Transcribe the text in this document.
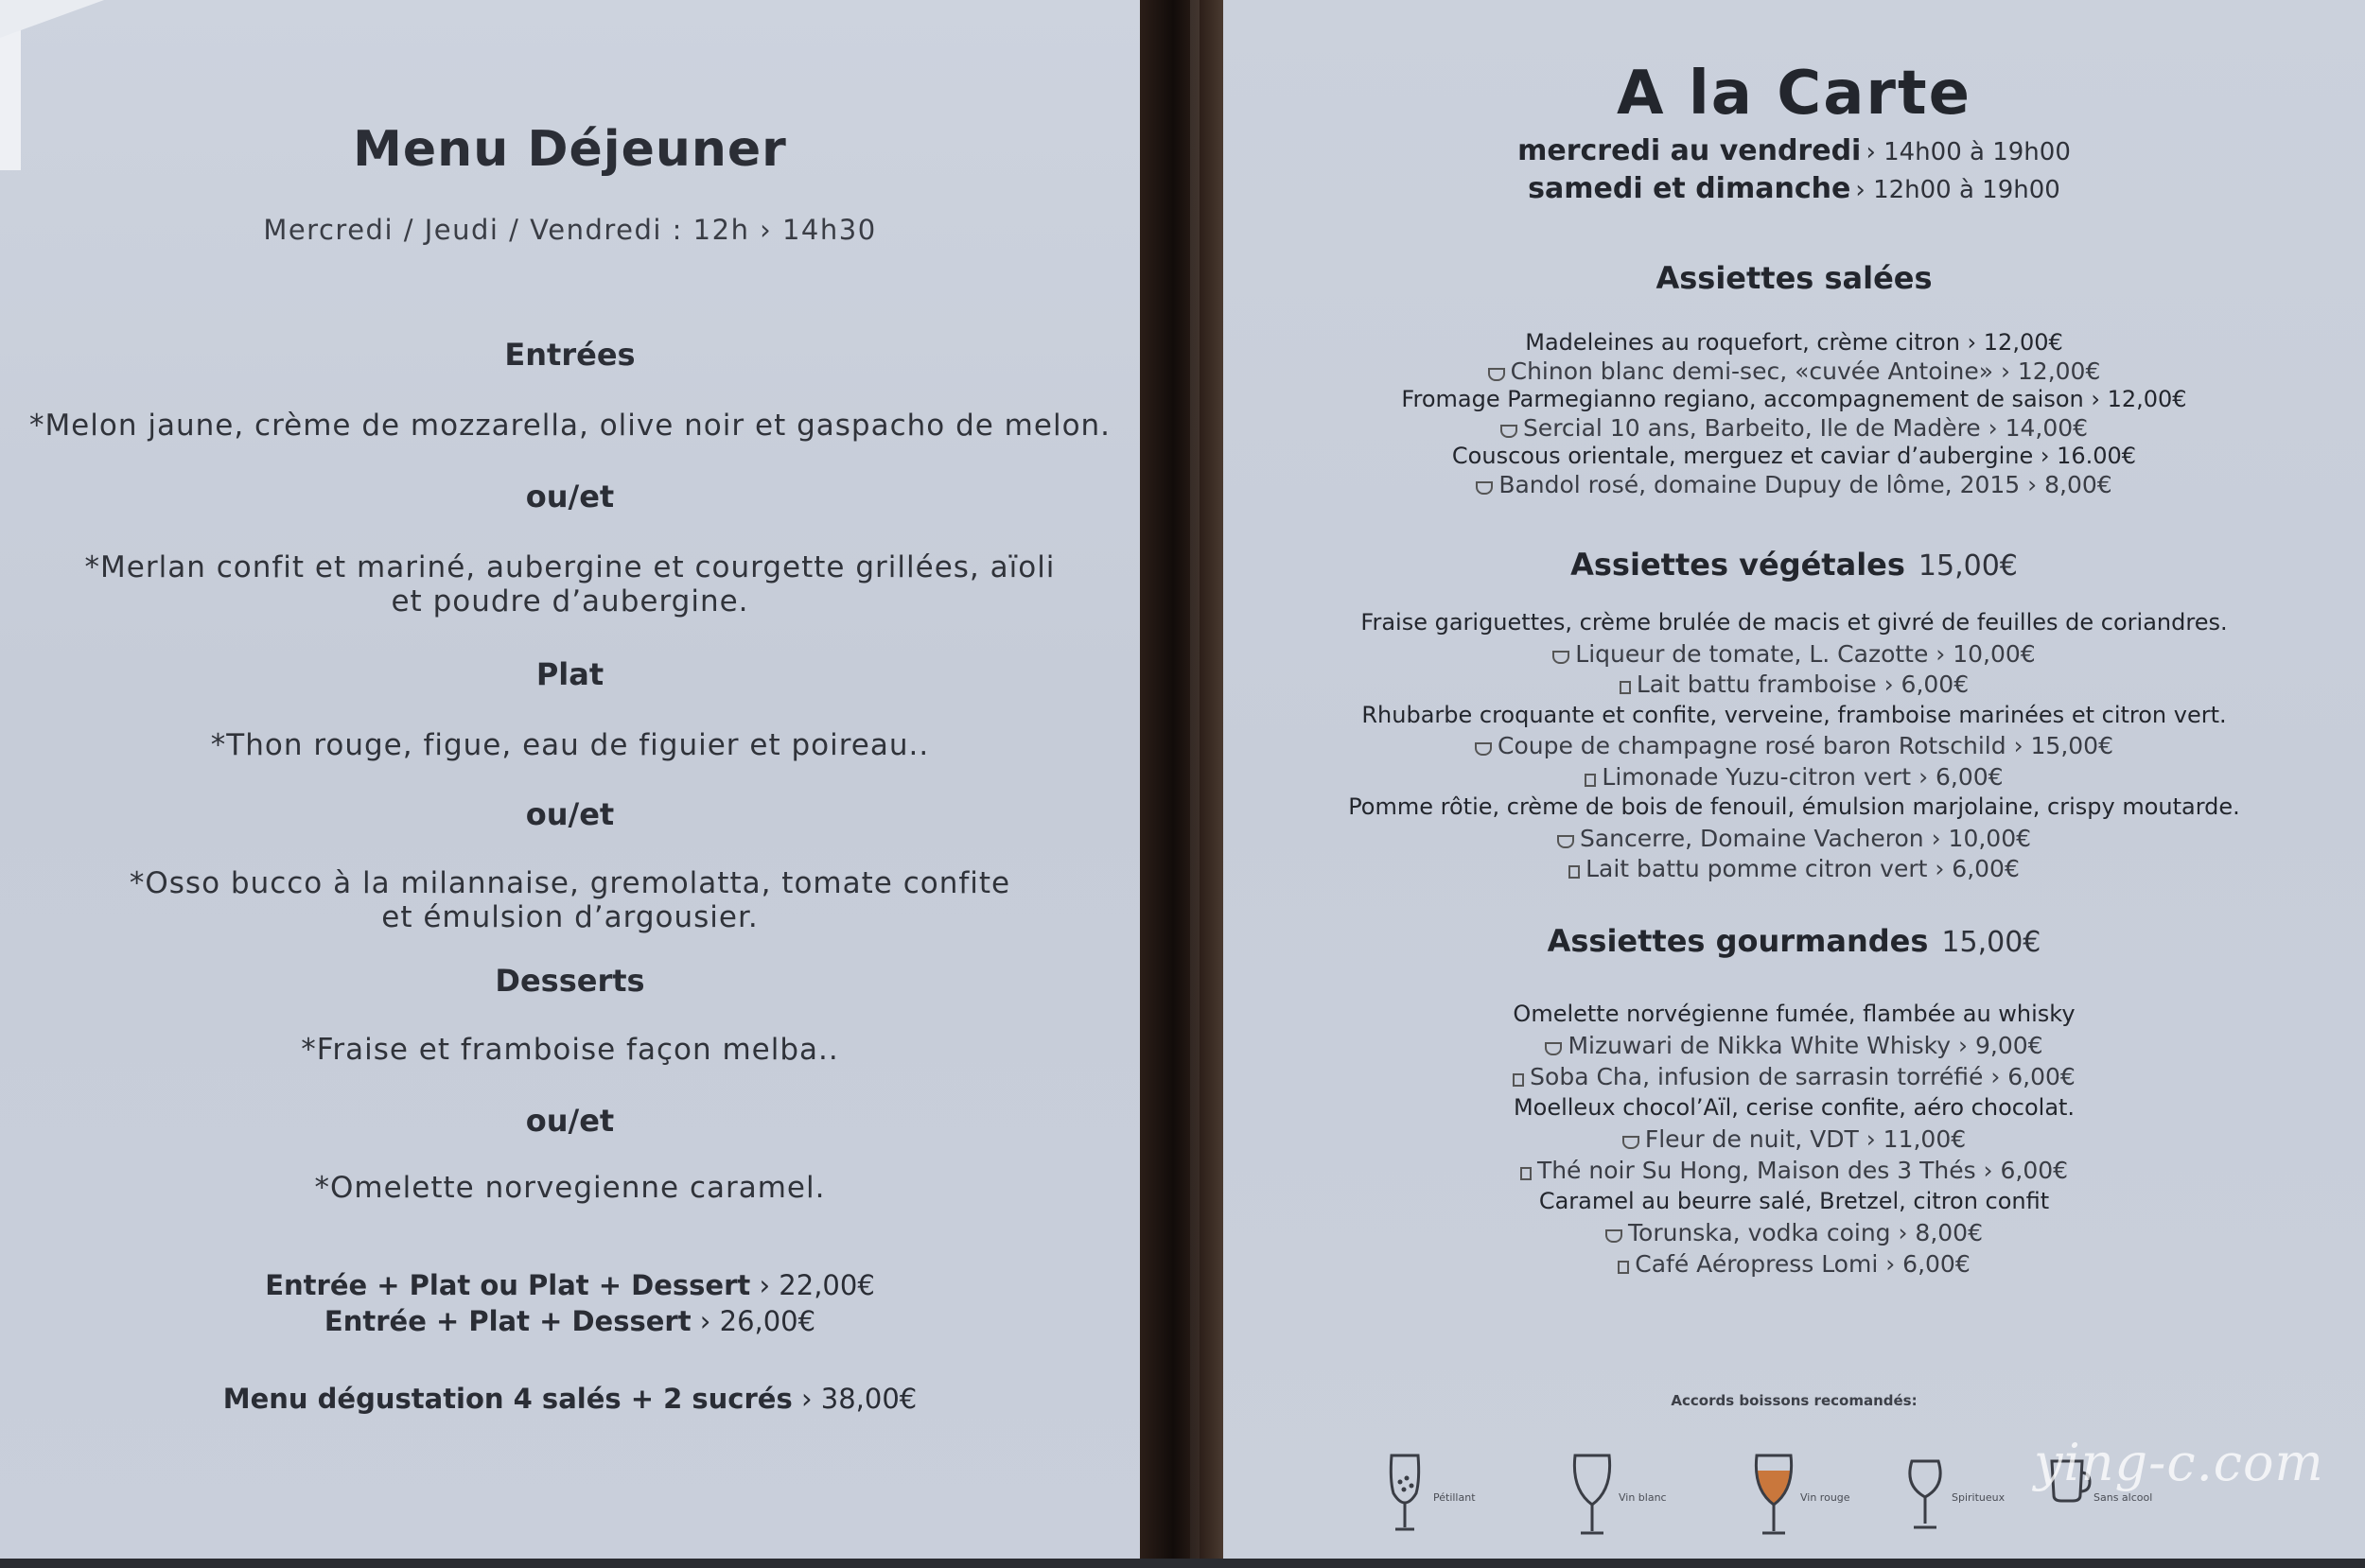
Menu Déjeuner
Mercredi / Jeudi / Vendredi : 12h › 14h30
Entrées
*Melon jaune, crème de mozzarella, olive noir et gaspacho de melon.
ou/et
*Merlan confit et mariné, aubergine et courgette grillées, aïoli
et poudre d’aubergine.
Plat
*Thon rouge, figue, eau de figuier et poireau..
ou/et
*Osso bucco à la milannaise, gremolatta, tomate confite
et émulsion d’argousier.
Desserts
*Fraise et framboise façon melba..
ou/et
*Omelette norvegienne caramel.
Entrée + Plat ou Plat + Dessert › 22,00€
Entrée + Plat + Dessert › 26,00€
Menu dégustation 4 salés + 2 sucrés › 38,00€
A la Carte
mercredi au vendredi › 14h00 à 19h00
samedi et dimanche › 12h00 à 19h00
Assiettes salées
Madeleines au roquefort, crème citron › 12,00€
Chinon blanc demi-sec, «cuvée Antoine» › 12,00€
Fromage Parmegianno regiano, accompagnement de saison › 12,00€
Sercial 10 ans, Barbeito, Ile de Madère › 14,00€
Couscous orientale, merguez et caviar d’aubergine › 16.00€
Bandol rosé, domaine Dupuy de lôme, 2015 › 8,00€
Assiettes végétales 15,00€
Fraise gariguettes, crème brulée de macis et givré de feuilles de coriandres.
Liqueur de tomate, L. Cazotte › 10,00€
Lait battu framboise › 6,00€
Rhubarbe croquante et confite, verveine, framboise marinées et citron vert.
Coupe de champagne rosé baron Rotschild › 15,00€
Limonade Yuzu-citron vert › 6,00€
Pomme rôtie, crème de bois de fenouil, émulsion marjolaine, crispy moutarde.
Sancerre, Domaine Vacheron › 10,00€
Lait battu pomme citron vert › 6,00€
Assiettes gourmandes 15,00€
Omelette norvégienne fumée, flambée au whisky
Mizuwari de Nikka White Whisky › 9,00€
Soba Cha, infusion de sarrasin torréfié › 6,00€
Moelleux chocol’Aïl, cerise confite, aéro chocolat.
Fleur de nuit, VDT › 11,00€
Thé noir Su Hong, Maison des 3 Thés › 6,00€
Caramel au beurre salé, Bretzel, citron confit
Torunska, vodka coing › 8,00€
Café Aéropress Lomi › 6,00€
Accords boissons recomandés:
Pétillant	Vin blanc	Vin rouge	Spiritueux	Sans alcool
ying-c.com
